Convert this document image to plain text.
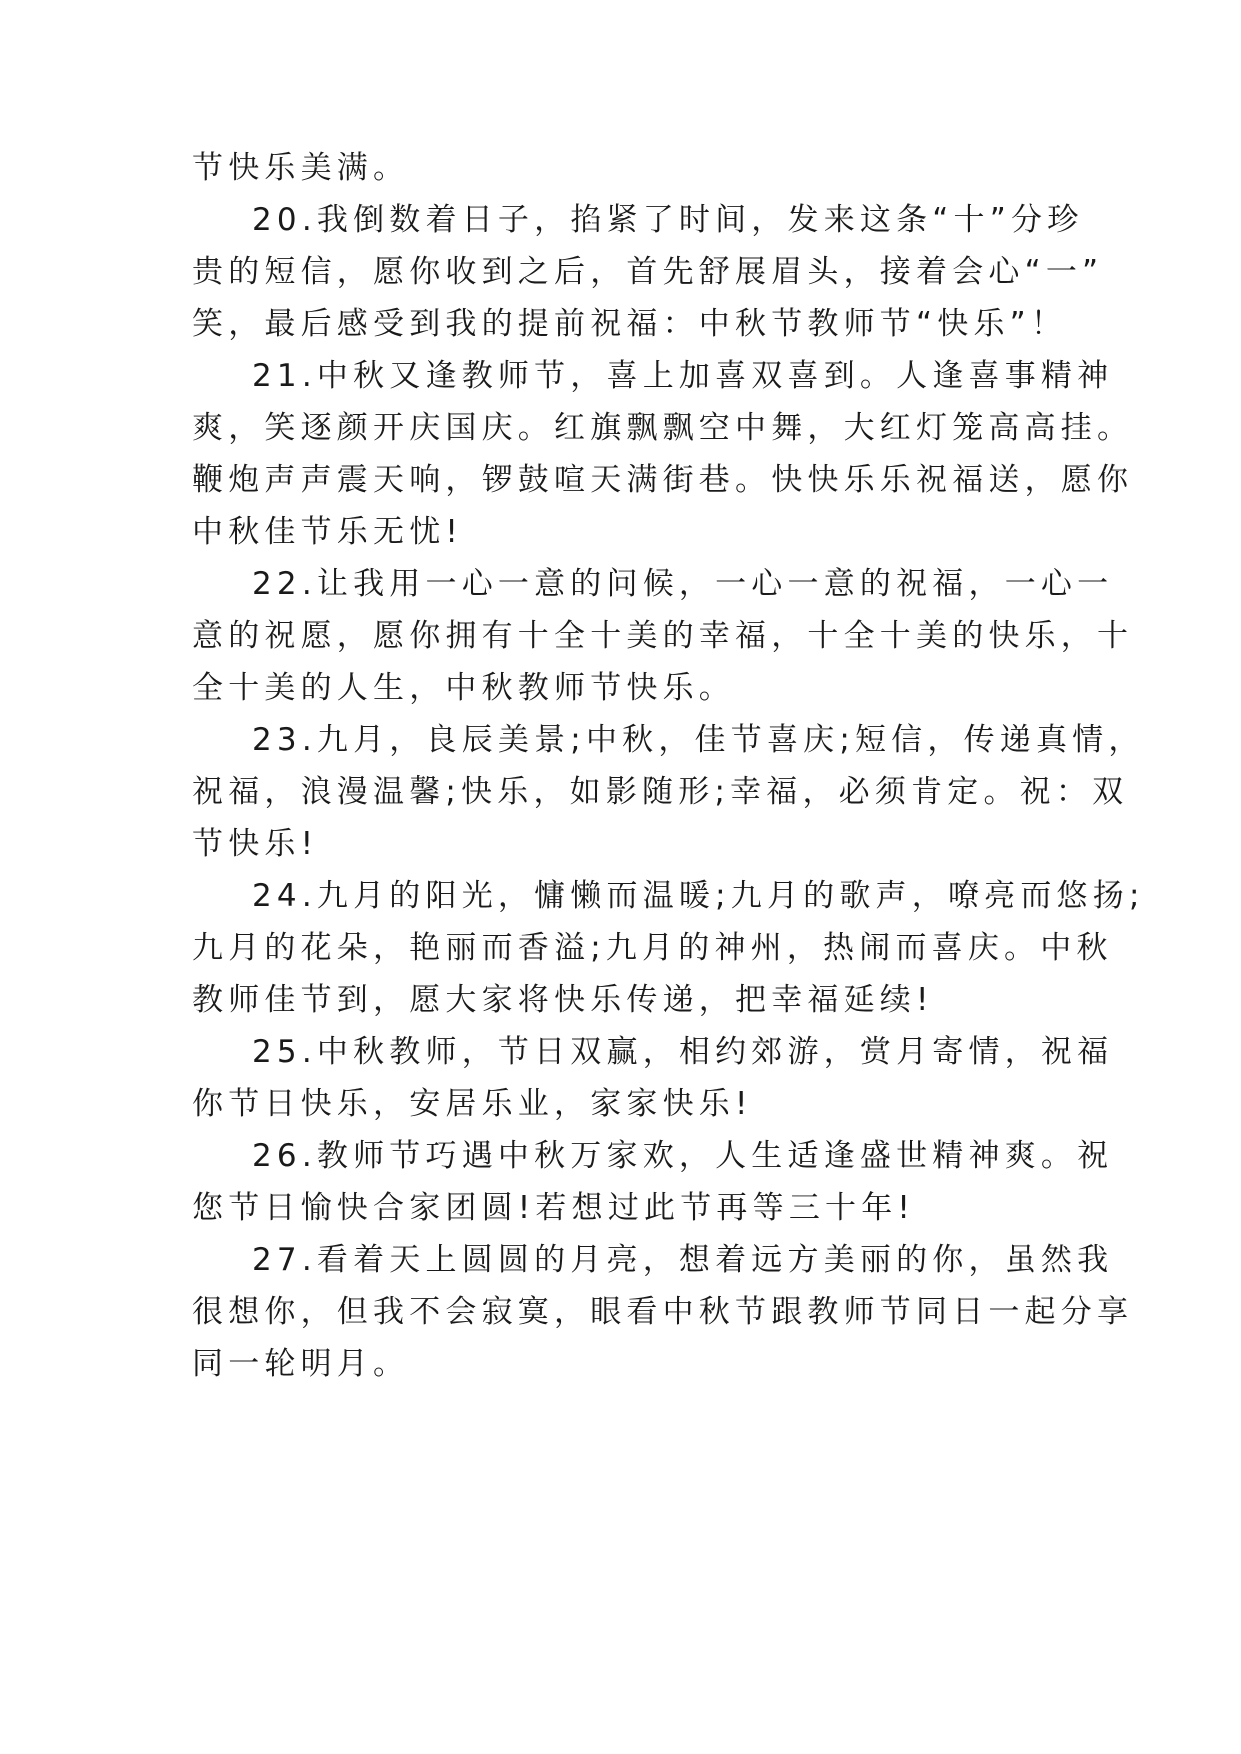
节快乐美满。
20.我倒数着日子，掐紧了时间，发来这条“十”分珍
贵的短信，愿你收到之后，首先舒展眉头，接着会心“一”
笑，最后感受到我的提前祝福：中秋节教师节“快乐”！
21.中秋又逢教师节，喜上加喜双喜到。人逢喜事精神
爽，笑逐颜开庆国庆。红旗飘飘空中舞，大红灯笼高高挂。
鞭炮声声震天响，锣鼓喧天满街巷。快快乐乐祝福送，愿你
中秋佳节乐无忧!
22.让我用一心一意的问候，一心一意的祝福，一心一
意的祝愿，愿你拥有十全十美的幸福，十全十美的快乐，十
全十美的人生，中秋教师节快乐。
23.九月，良辰美景;中秋，佳节喜庆;短信，传递真情，
祝福，浪漫温馨;快乐，如影随形;幸福，必须肯定。祝：双
节快乐!
24.九月的阳光，慵懒而温暖;九月的歌声，嘹亮而悠扬;
九月的花朵，艳丽而香溢;九月的神州，热闹而喜庆。中秋
教师佳节到，愿大家将快乐传递，把幸福延续!
25.中秋教师，节日双赢，相约郊游，赏月寄情，祝福
你节日快乐，安居乐业，家家快乐!
26.教师节巧遇中秋万家欢，人生适逢盛世精神爽。祝
您节日愉快合家团圆!若想过此节再等三十年!
27.看着天上圆圆的月亮，想着远方美丽的你，虽然我
很想你，但我不会寂寞，眼看中秋节跟教师节同日一起分享
同一轮明月。
